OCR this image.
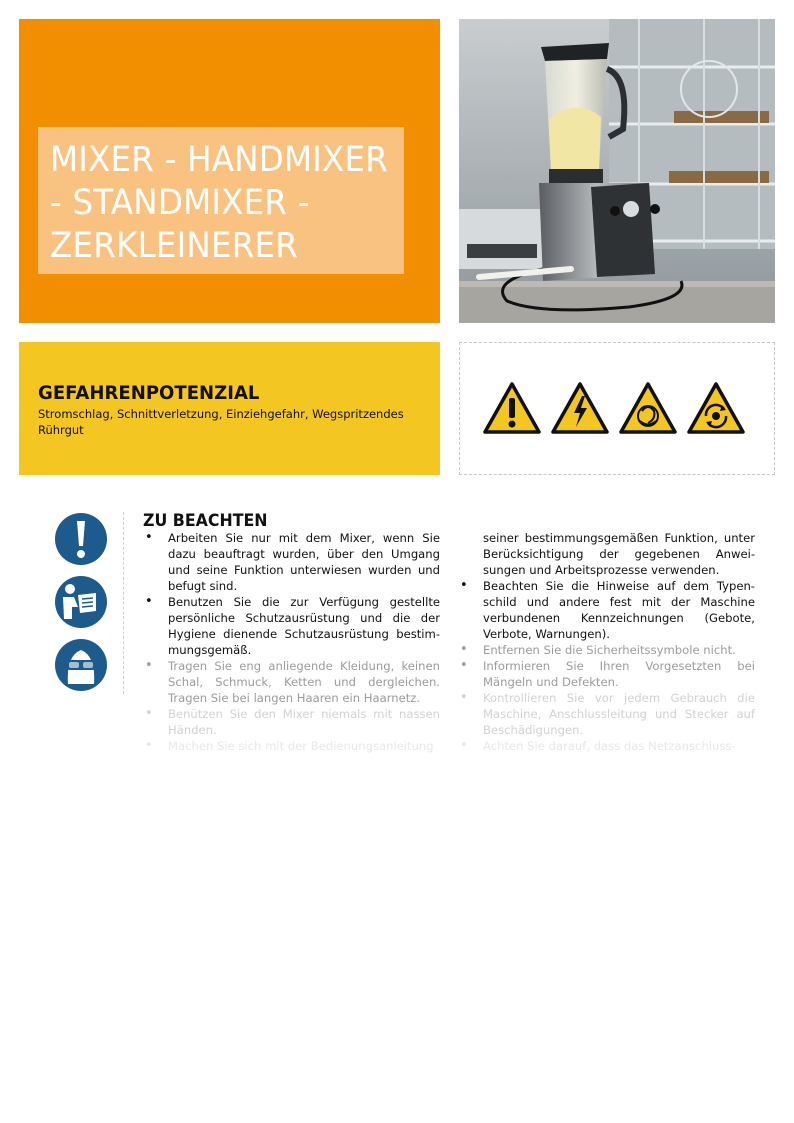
MIXER - HANDMIXER
- STANDMIXER -
ZERKLEINERER
GEFAHRENPOTENZIAL

Stromschlag, Schnittverletzung, Einziehgefahr, Wegspritzendes Rührgut

ZU BEACHTEN
• Arbeiten Sie nur mit dem Mixer, wenn Sie dazu beauftragt wurden, über den Umgang und seine Funktion unterwiesen wurden und befugt sind.
• Benutzen Sie die zur Verfügung gestellte persönliche Schutzausrüstung und die der Hygiene dienende Schutzausrüstung bestim-mungsgemäß.
• Tragen Sie eng anliegende Kleidung, keinen Schal, Schmuck, Ketten und dergleichen. Tragen Sie bei langen Haaren ein Haarnetz.
• Benützen Sie den Mixer niemals mit nassen Händen.
• Machen Sie sich mit der Bedienungsanleitung

seiner bestimmungsgemäßen Funktion, unter Berücksichtigung der gegebenen Anwei-sungen und Arbeitsprozesse verwenden.

• Beachten Sie die Hinweise auf dem Typen-schild und andere fest mit der Maschine verbundenen Kennzeichnungen (Gebote, Verbote, Warnungen).
• Entfernen Sie die Sicherheitssymbole nicht.
• Informieren Sie Ihren Vorgesetzten bei Mängeln und Defekten.
• Kontrollieren Sie vor jedem Gebrauch die Maschine, Anschlussleitung und Stecker auf Beschädigungen.
• Achten Sie darauf, dass das Netzanschluss-
